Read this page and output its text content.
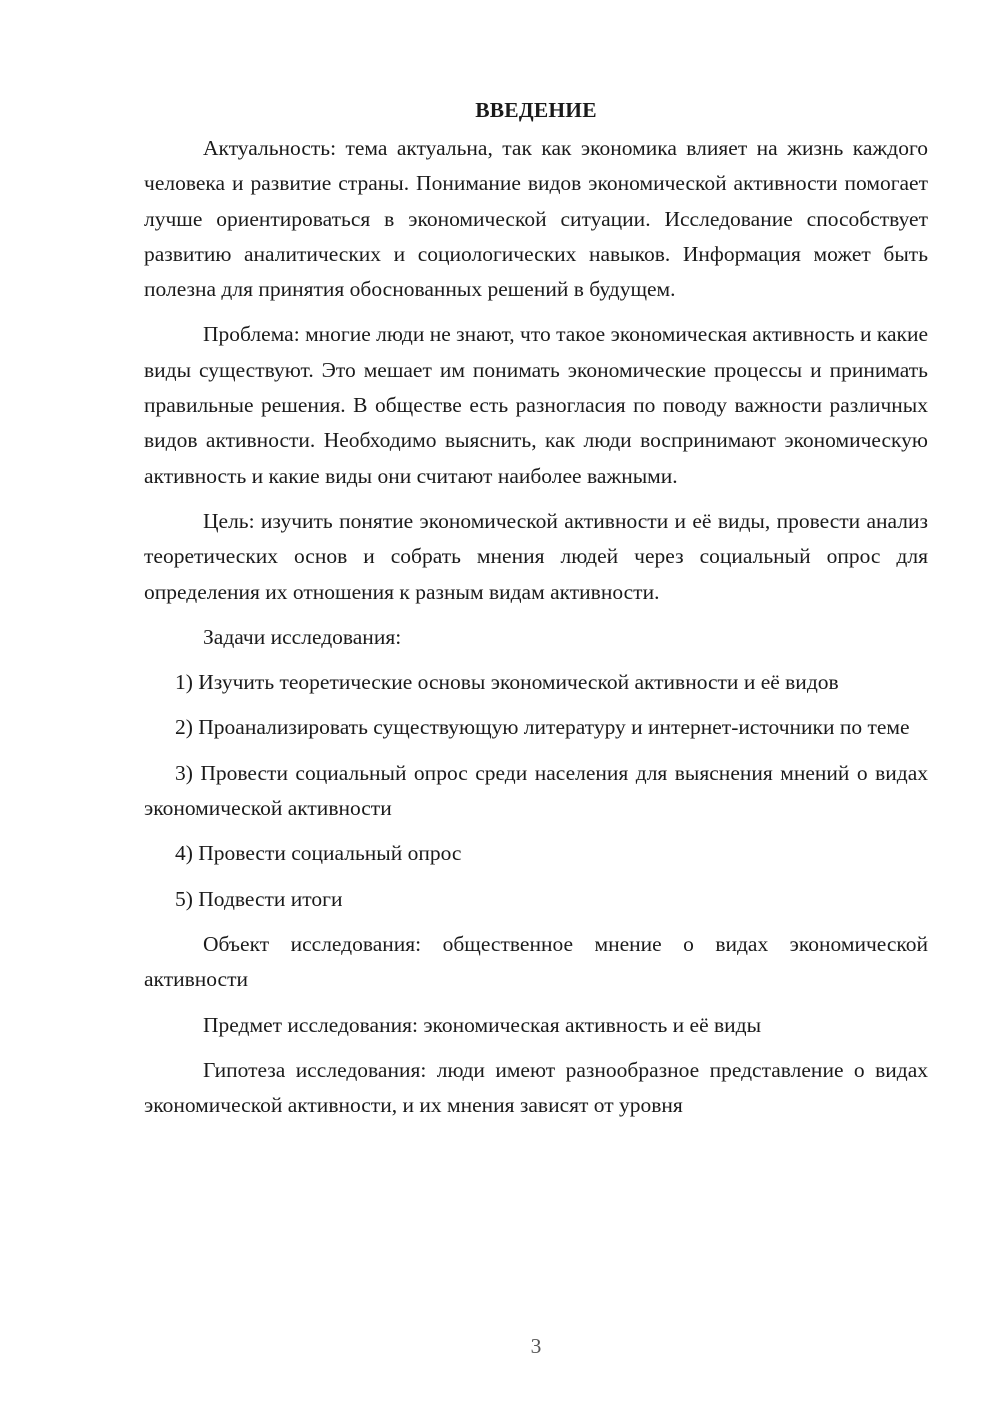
ВВЕДЕНИЕ

Актуальность: тема актуальна, так как экономика влияет на жизнь каждого человека и развитие страны. Понимание видов экономической активности помогает лучше ориентироваться в экономической ситуации. Исследование способствует развитию аналитических и социологических навыков. Информация может быть полезна для принятия обоснованных решений в будущем.

Проблема: многие люди не знают, что такое экономическая активность и какие виды существуют. Это мешает им понимать экономические процессы и принимать правильные решения. В обществе есть разногласия по поводу важности различных видов активности. Необходимо выяснить, как люди воспринимают экономическую активность и какие виды они считают наиболее важными.

Цель: изучить понятие экономической активности и её виды, провести анализ теоретических основ и собрать мнения людей через социальный опрос для определения их отношения к разным видам активности.

Задачи исследования:

1) Изучить теоретические основы экономической активности и её видов

2) Проанализировать существующую литературу и интернет-источники по теме

3) Провести социальный опрос среди населения для выяснения мнений о видах экономической активности

4) Провести социальный опрос

5) Подвести итоги

Объект исследования: общественное мнение о видах экономической активности

Предмет исследования: экономическая активность и её виды

Гипотеза исследования: люди имеют разнообразное представление о видах экономической активности, и их мнения зависят от уровня

3
